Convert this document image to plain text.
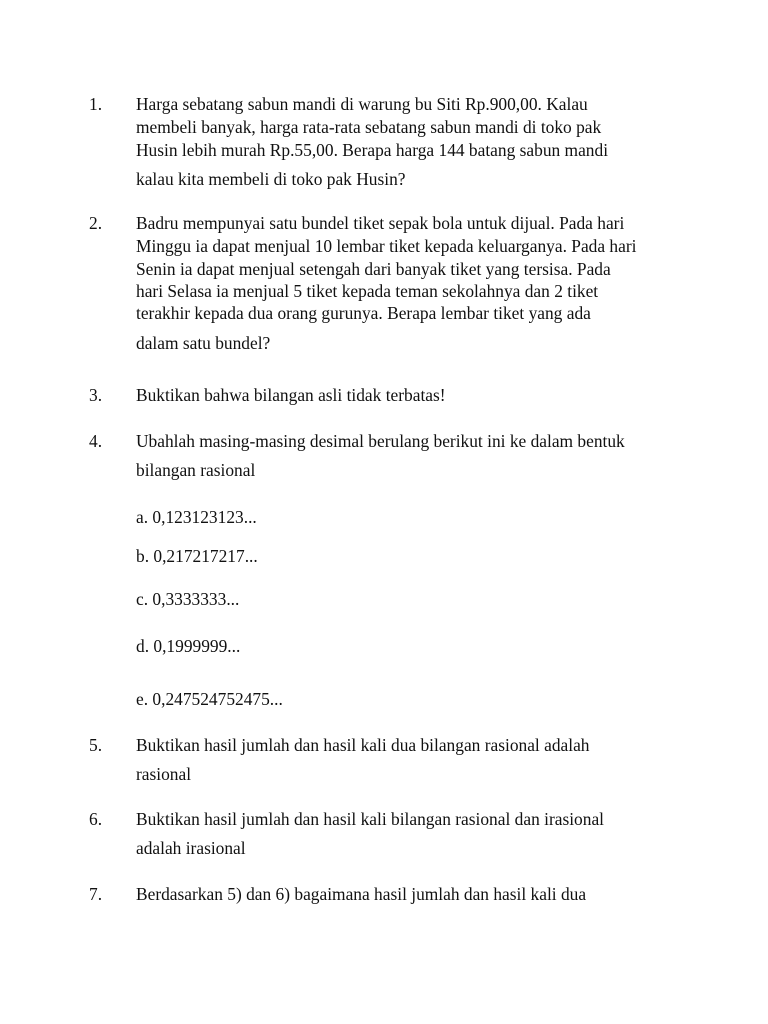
1. Harga sebatang sabun mandi di warung bu Siti Rp.900,00. Kalau
membeli banyak, harga rata-rata sebatang sabun mandi di toko pak
Husin lebih murah Rp.55,00. Berapa harga 144 batang sabun mandi
kalau kita membeli di toko pak Husin?
2. Badru mempunyai satu bundel tiket sepak bola untuk dijual. Pada hari
Minggu ia dapat menjual 10 lembar tiket kepada keluarganya. Pada hari
Senin ia dapat menjual setengah dari banyak tiket yang tersisa. Pada
hari Selasa ia menjual 5 tiket kepada teman sekolahnya dan 2 tiket
terakhir kepada dua orang gurunya. Berapa lembar tiket yang ada
dalam satu bundel?
3. Buktikan bahwa bilangan asli tidak terbatas!
4. Ubahlah masing-masing desimal berulang berikut ini ke dalam bentuk
bilangan rasional
a. 0,123123123...
b. 0,217217217...
c. 0,3333333...
d. 0,1999999...
e. 0,247524752475...
5. Buktikan hasil jumlah dan hasil kali dua bilangan rasional adalah
rasional
6. Buktikan hasil jumlah dan hasil kali bilangan rasional dan irasional
adalah irasional
7. Berdasarkan 5) dan 6) bagaimana hasil jumlah dan hasil kali dua
